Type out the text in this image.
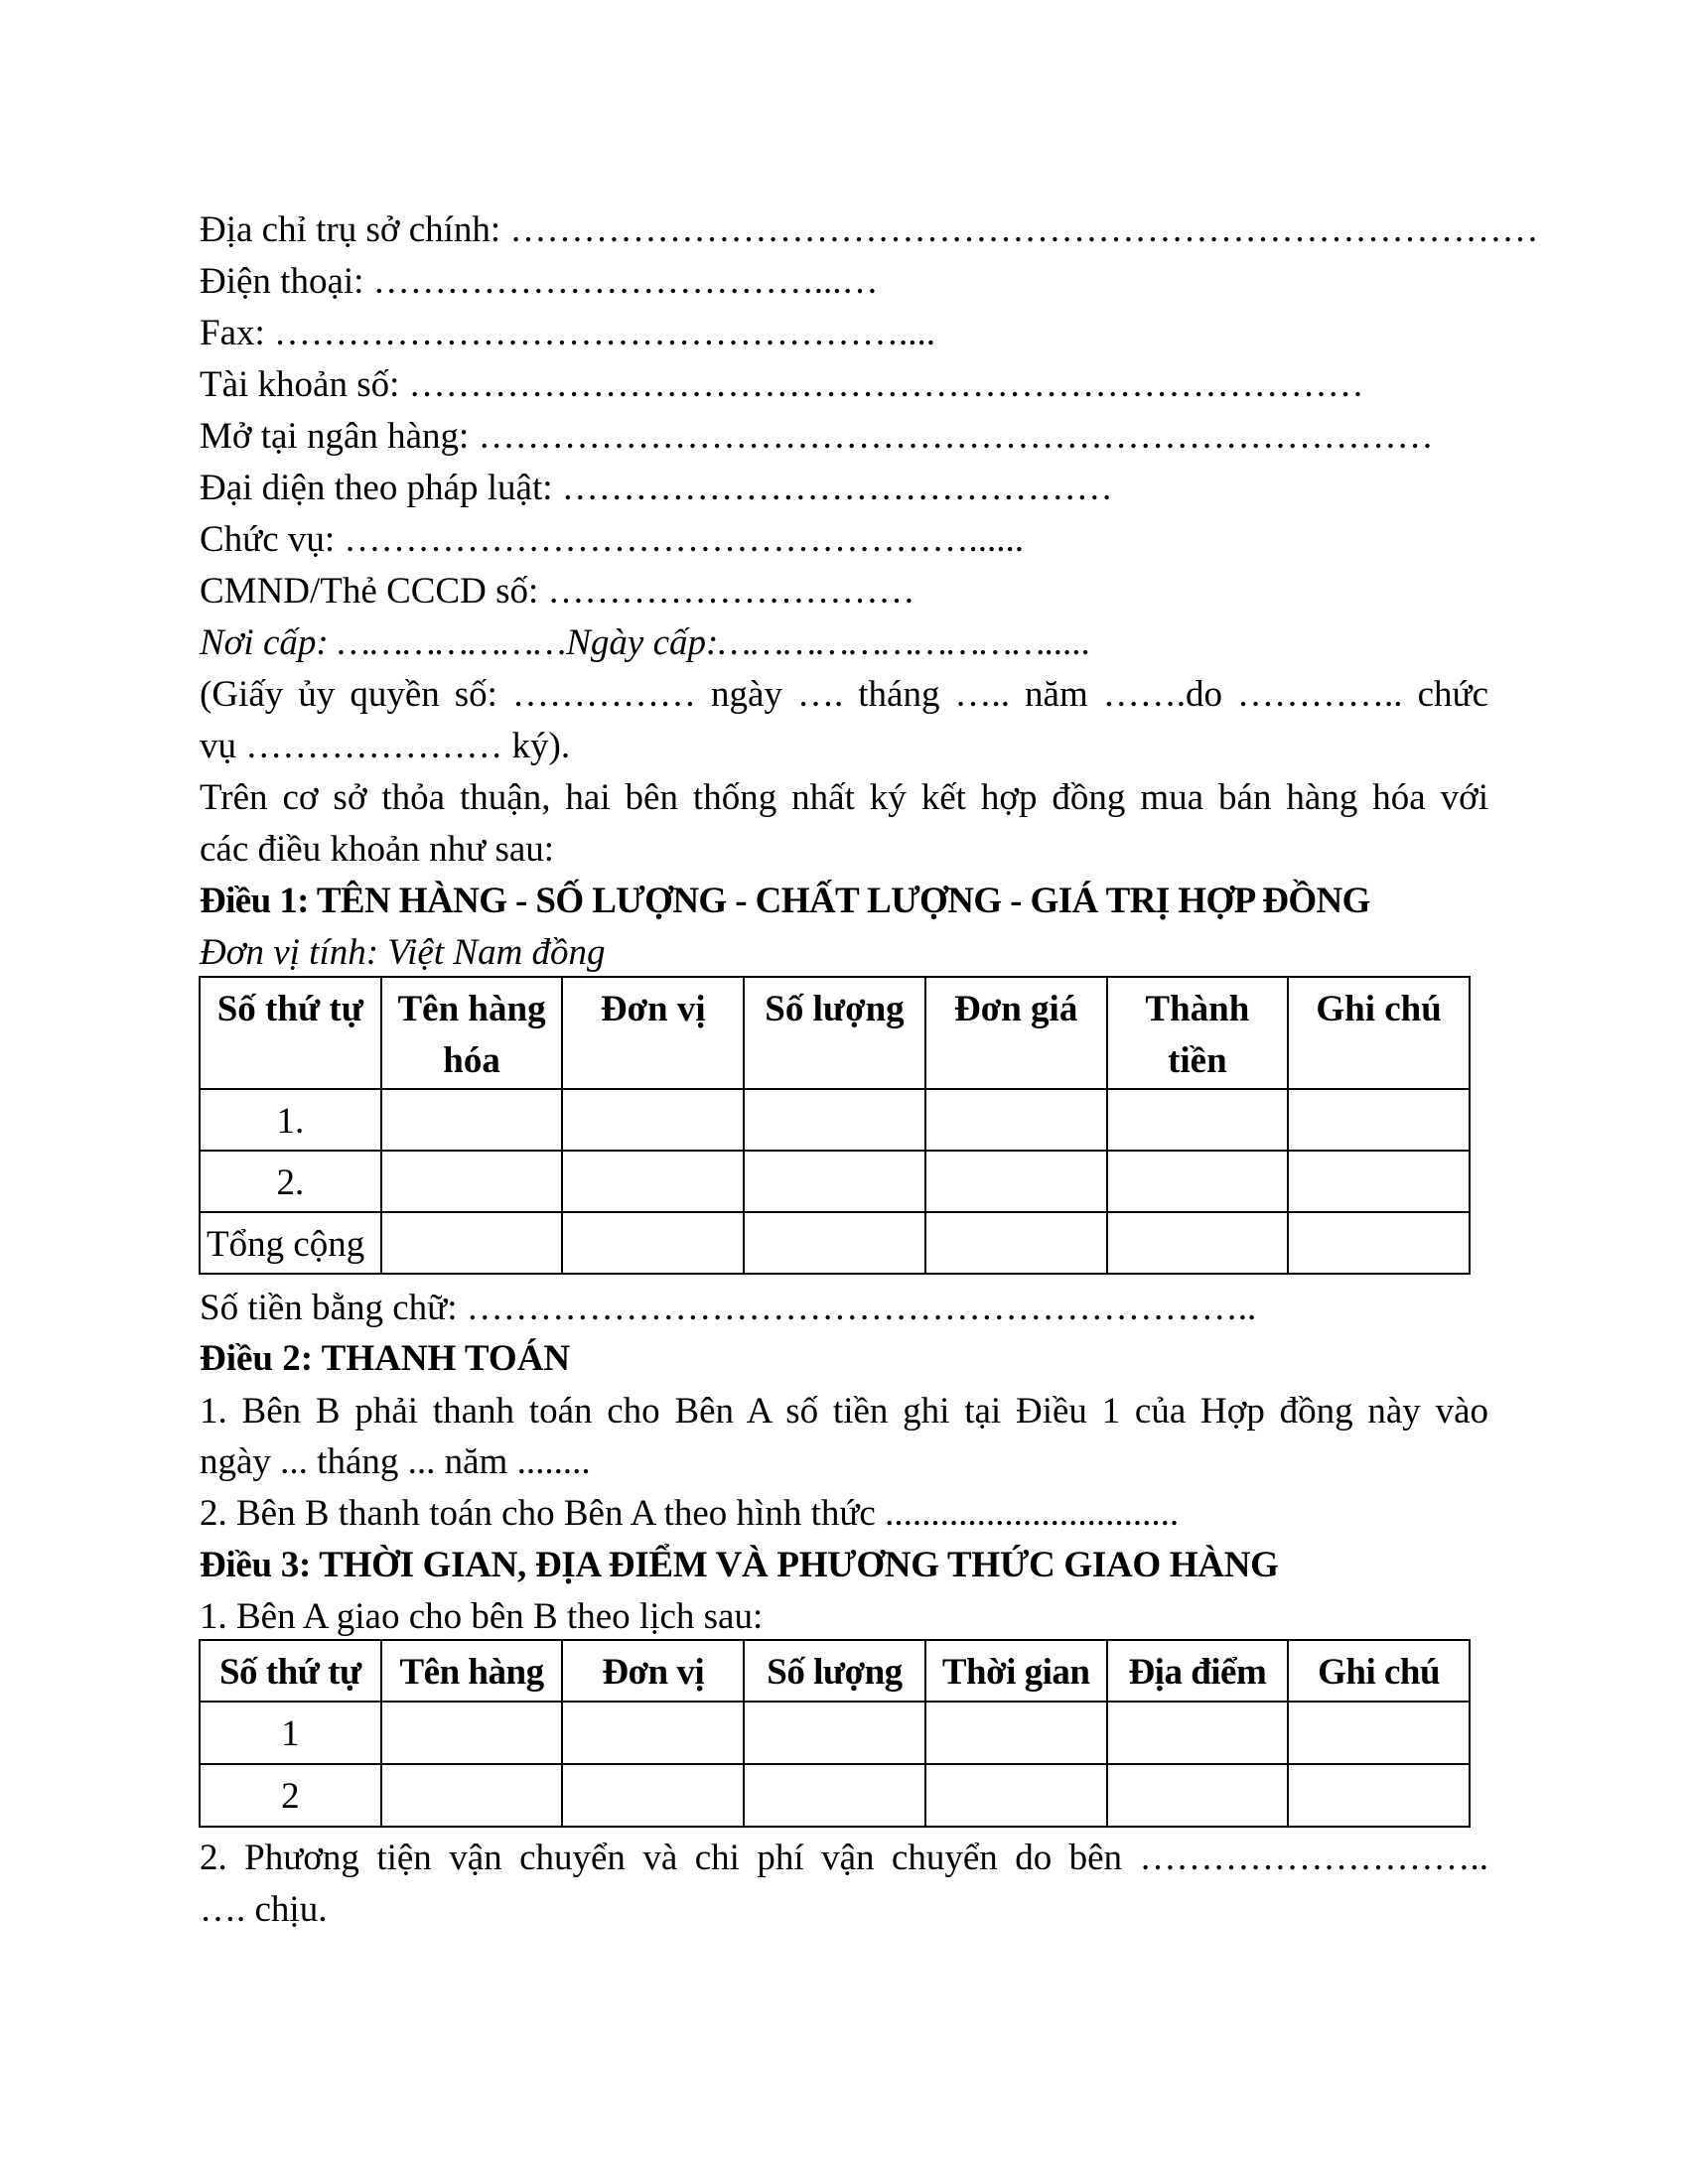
Địa chỉ trụ sở chính: …………………………………………………………………………
Điện thoại: ………………………………...…
Fax: ……………………………………………....
Tài khoản số: ……………………………………………………………………
Mở tại ngân hàng: ……………………………………………………………………
Đại diện theo pháp luật: ………………………………………
Chức vụ: ……………………………………………......
CMND/Thẻ CCCD số: …………………………
Nơi cấp: …………………Ngày cấp:………………………….....
(Giấy ủy quyền số: …………… ngày …. tháng ….. năm …….do ………….. chức
vụ ………………… ký).
Trên cơ sở thỏa thuận, hai bên thống nhất ký kết hợp đồng mua bán hàng hóa với
các điều khoản như sau:
Điều 1: TÊN HÀNG - SỐ LƯỢNG - CHẤT LƯỢNG - GIÁ TRỊ HỢP ĐỒNG
Đơn vị tính: Việt Nam đồng
Số thứ tự	Tên hàng hóa	Đơn vị	Số lượng	Đơn giá	Thành tiền	Ghi chú
1.						
2.						
Tổng cộng						
Số tiền bằng chữ: ………………………………………………………..
Điều 2: THANH TOÁN
1. Bên B phải thanh toán cho Bên A số tiền ghi tại Điều 1 của Hợp đồng này vào
ngày ... tháng ... năm ........
2. Bên B thanh toán cho Bên A theo hình thức ................................
Điều 3: THỜI GIAN, ĐỊA ĐIỂM VÀ PHƯƠNG THỨC GIAO HÀNG
1. Bên A giao cho bên B theo lịch sau:
Số thứ tự	Tên hàng	Đơn vị	Số lượng	Thời gian	Địa điểm	Ghi chú
1						
2						
2. Phương tiện vận chuyển và chi phí vận chuyển do bên ………………………..
…. chịu.
